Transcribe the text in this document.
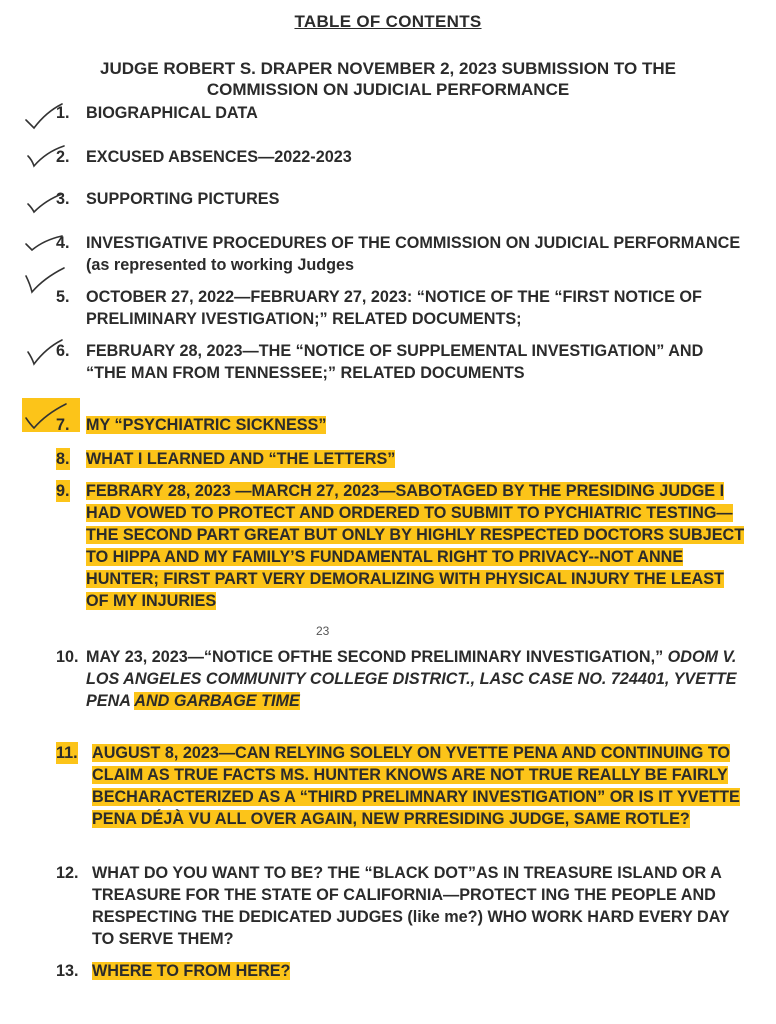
TABLE OF CONTENTS
JUDGE ROBERT S. DRAPER NOVEMBER 2, 2023 SUBMISSION TO THE
COMMISSION ON JUDICIAL PERFORMANCE
1. BIOGRAPHICAL DATA
2. EXCUSED ABSENCES—2022-2023
3. SUPPORTING PICTURES
4. INVESTIGATIVE PROCEDURES OF THE COMMISSION ON JUDICIAL PERFORMANCE (as represented to working Judges
5. OCTOBER 27, 2022—FEBRUARY 27, 2023: “NOTICE OF THE “FIRST NOTICE OF PRELIMINARY IVESTIGATION;” RELATED DOCUMENTS;
6. FEBRUARY 28, 2023—THE “NOTICE OF SUPPLEMENTAL INVESTIGATION” AND “THE MAN FROM TENNESSEE;” RELATED DOCUMENTS
7. MY “PSYCHIATRIC SICKNESS”
8. WHAT I LEARNED AND “THE LETTERS”
9. FEBRARY 28, 2023 —MARCH 27, 2023—SABOTAGED BY THE PRESIDING JUDGE I HAD VOWED TO PROTECT AND ORDERED TO SUBMIT TO PYCHIATRIC TESTING—THE SECOND PART GREAT BUT ONLY BY HIGHLY RESPECTED DOCTORS SUBJECT TO HIPPA AND MY FAMILY’S FUNDAMENTAL RIGHT TO PRIVACY--NOT ANNE HUNTER; FIRST PART VERY DEMORALIZING WITH PHYSICAL INJURY THE LEAST OF MY INJURIES
23
10. MAY 23, 2023—“NOTICE OFTHE SECOND PRELIMINARY INVESTIGATION,” ODOM V. LOS ANGELES COMMUNITY COLLEGE DISTRICT., LASC CASE NO. 724401, YVETTE PENA AND GARBAGE TIME
11. AUGUST 8, 2023—CAN RELYING SOLELY ON YVETTE PENA AND CONTINUING TO CLAIM AS TRUE FACTS MS. HUNTER KNOWS ARE NOT TRUE REALLY BE FAIRLY BECHARACTERIZED AS A “THIRD PRELIMNARY INVESTIGATION” OR IS IT YVETTE PENA DÉJÀ VU ALL OVER AGAIN, NEW PRRESIDING JUDGE, SAME ROTLE?
12. WHAT DO YOU WANT TO BE? THE “BLACK DOT”AS IN TREASURE ISLAND OR A TREASURE FOR THE STATE OF CALIFORNIA—PROTECT ING THE PEOPLE AND RESPECTING THE DEDICATED JUDGES (like me?) WHO WORK HARD EVERY DAY TO SERVE THEM?
13. WHERE TO FROM HERE?
